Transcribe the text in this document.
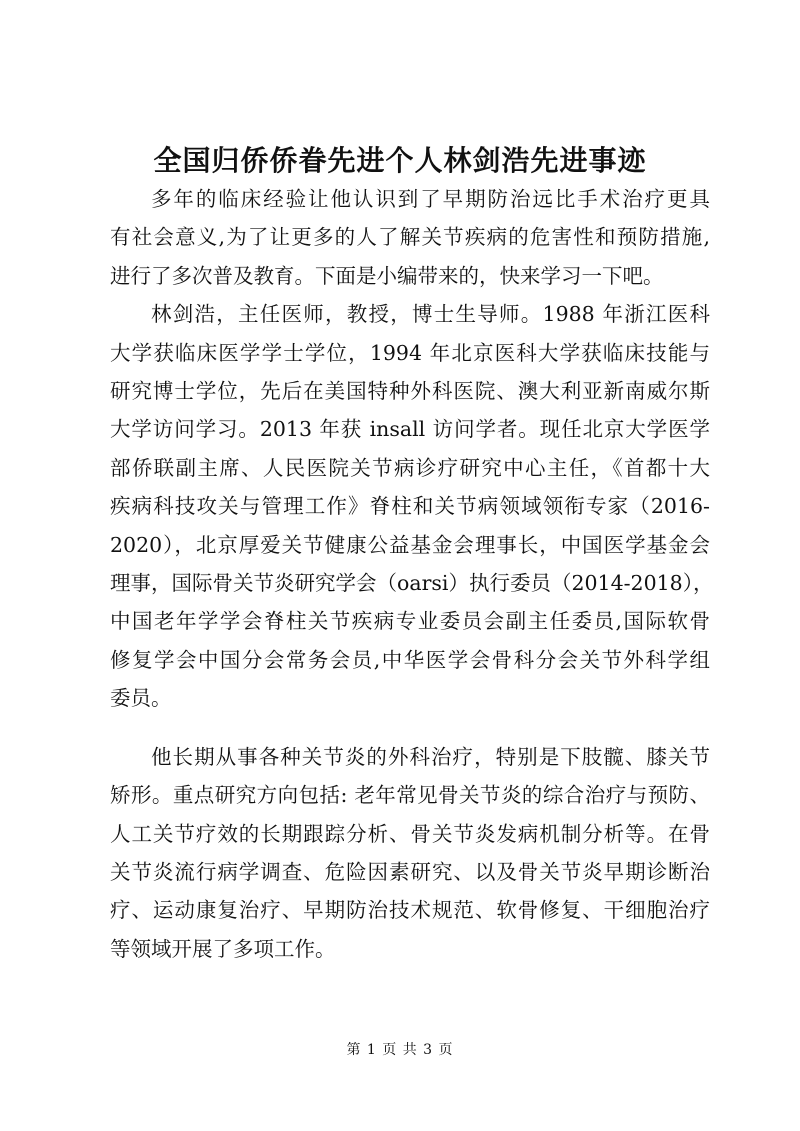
全国归侨侨眷先进个人林剑浩先进事迹

多年的临床经验让他认识到了早期防治远比手术治疗更具
有社会意义,为了让更多的人了解关节疾病的危害性和预防措施,
进行了多次普及教育。下面是小编带来的，快来学习一下吧。

林剑浩，主任医师，教授，博士生导师。1988 年浙江医科
大学获临床医学学士学位，1994 年北京医科大学获临床技能与
研究博士学位，先后在美国特种外科医院、澳大利亚新南威尔斯
大学访问学习。2013 年获 insall 访问学者。现任北京大学医学
部侨联副主席、人民医院关节病诊疗研究中心主任，《首都十大
疾病科技攻关与管理工作》脊柱和关节病领域领衔专家（2016-
2020），北京厚爱关节健康公益基金会理事长，中国医学基金会
理事，国际骨关节炎研究学会（oarsi）执行委员（2014-2018），
中国老年学学会脊柱关节疾病专业委员会副主任委员,国际软骨
修复学会中国分会常务会员,中华医学会骨科分会关节外科学组
委员。

他长期从事各种关节炎的外科治疗，特别是下肢髋、膝关节
矫形。重点研究方向包括: 老年常见骨关节炎的综合治疗与预防、
人工关节疗效的长期跟踪分析、骨关节炎发病机制分析等。在骨
关节炎流行病学调查、危险因素研究、以及骨关节炎早期诊断治
疗、运动康复治疗、早期防治技术规范、软骨修复、干细胞治疗
等领域开展了多项工作。

第 1 页 共 3 页
